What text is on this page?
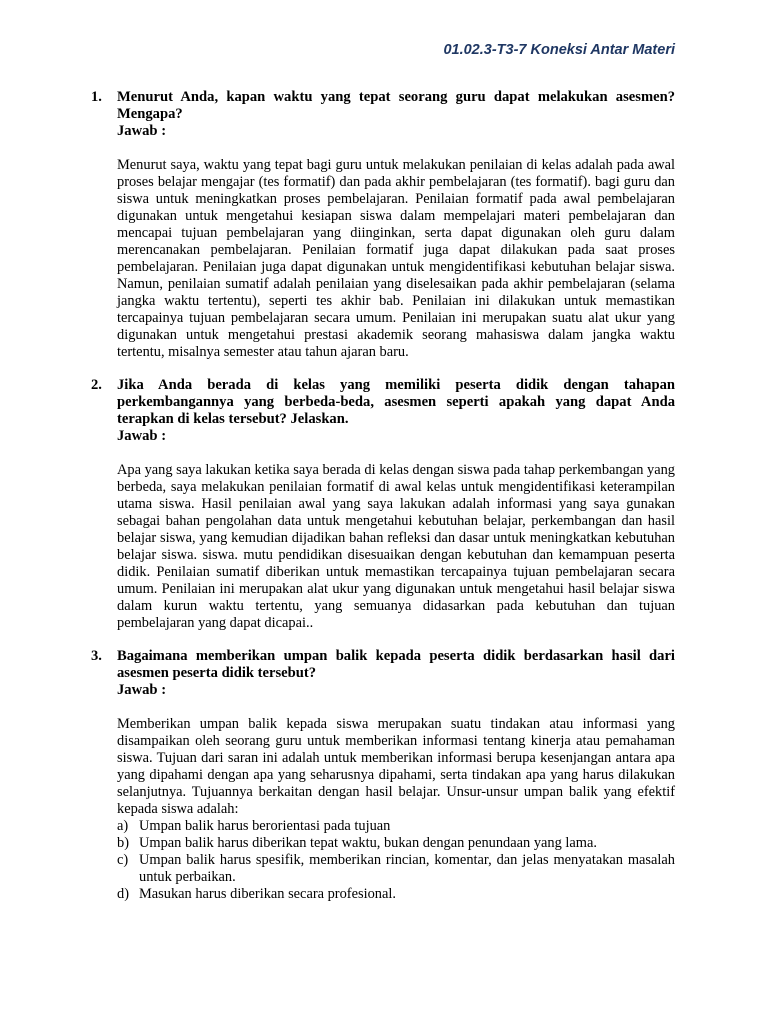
01.02.3-T3-7 Koneksi Antar Materi
1. Menurut Anda, kapan waktu yang tepat seorang guru dapat melakukan asesmen? Mengapa?

Jawab :

Menurut saya, waktu yang tepat bagi guru untuk melakukan penilaian di kelas adalah pada awal proses belajar mengajar (tes formatif) dan pada akhir pembelajaran (tes formatif). bagi guru dan siswa untuk meningkatkan proses pembelajaran. Penilaian formatif pada awal pembelajaran digunakan untuk mengetahui kesiapan siswa dalam mempelajari materi pembelajaran dan mencapai tujuan pembelajaran yang diinginkan, serta dapat digunakan oleh guru dalam merencanakan pembelajaran. Penilaian formatif juga dapat dilakukan pada saat proses pembelajaran. Penilaian juga dapat digunakan untuk mengidentifikasi kebutuhan belajar siswa. Namun, penilaian sumatif adalah penilaian yang diselesaikan pada akhir pembelajaran (selama jangka waktu tertentu), seperti tes akhir bab. Penilaian ini dilakukan untuk memastikan tercapainya tujuan pembelajaran secara umum. Penilaian ini merupakan suatu alat ukur yang digunakan untuk mengetahui prestasi akademik seorang mahasiswa dalam jangka waktu tertentu, misalnya semester atau tahun ajaran baru.

2. Jika Anda berada di kelas yang memiliki peserta didik dengan tahapan perkembangannya yang berbeda-beda, asesmen seperti apakah yang dapat Anda terapkan di kelas tersebut? Jelaskan.

Jawab :

Apa yang saya lakukan ketika saya berada di kelas dengan siswa pada tahap perkembangan yang berbeda, saya melakukan penilaian formatif di awal kelas untuk mengidentifikasi keterampilan utama siswa. Hasil penilaian awal yang saya lakukan adalah informasi yang saya gunakan sebagai bahan pengolahan data untuk mengetahui kebutuhan belajar, perkembangan dan hasil belajar siswa, yang kemudian dijadikan bahan refleksi dan dasar untuk meningkatkan kebutuhan belajar siswa. siswa. mutu pendidikan disesuaikan dengan kebutuhan dan kemampuan peserta didik. Penilaian sumatif diberikan untuk memastikan tercapainya tujuan pembelajaran secara umum. Penilaian ini merupakan alat ukur yang digunakan untuk mengetahui hasil belajar siswa dalam kurun waktu tertentu, yang semuanya didasarkan pada kebutuhan dan tujuan pembelajaran yang dapat dicapai..

3. Bagaimana memberikan umpan balik kepada peserta didik berdasarkan hasil dari asesmen peserta didik tersebut?

Jawab :

Memberikan umpan balik kepada siswa merupakan suatu tindakan atau informasi yang disampaikan oleh seorang guru untuk memberikan informasi tentang kinerja atau pemahaman siswa. Tujuan dari saran ini adalah untuk memberikan informasi berupa kesenjangan antara apa yang dipahami dengan apa yang seharusnya dipahami, serta tindakan apa yang harus dilakukan selanjutnya. Tujuannya berkaitan dengan hasil belajar. Unsur-unsur umpan balik yang efektif kepada siswa adalah:

a) Umpan balik harus berorientasi pada tujuan
b) Umpan balik harus diberikan tepat waktu, bukan dengan penundaan yang lama.
c) Umpan balik harus spesifik, memberikan rincian, komentar, dan jelas menyatakan masalah untuk perbaikan.
d) Masukan harus diberikan secara profesional.
